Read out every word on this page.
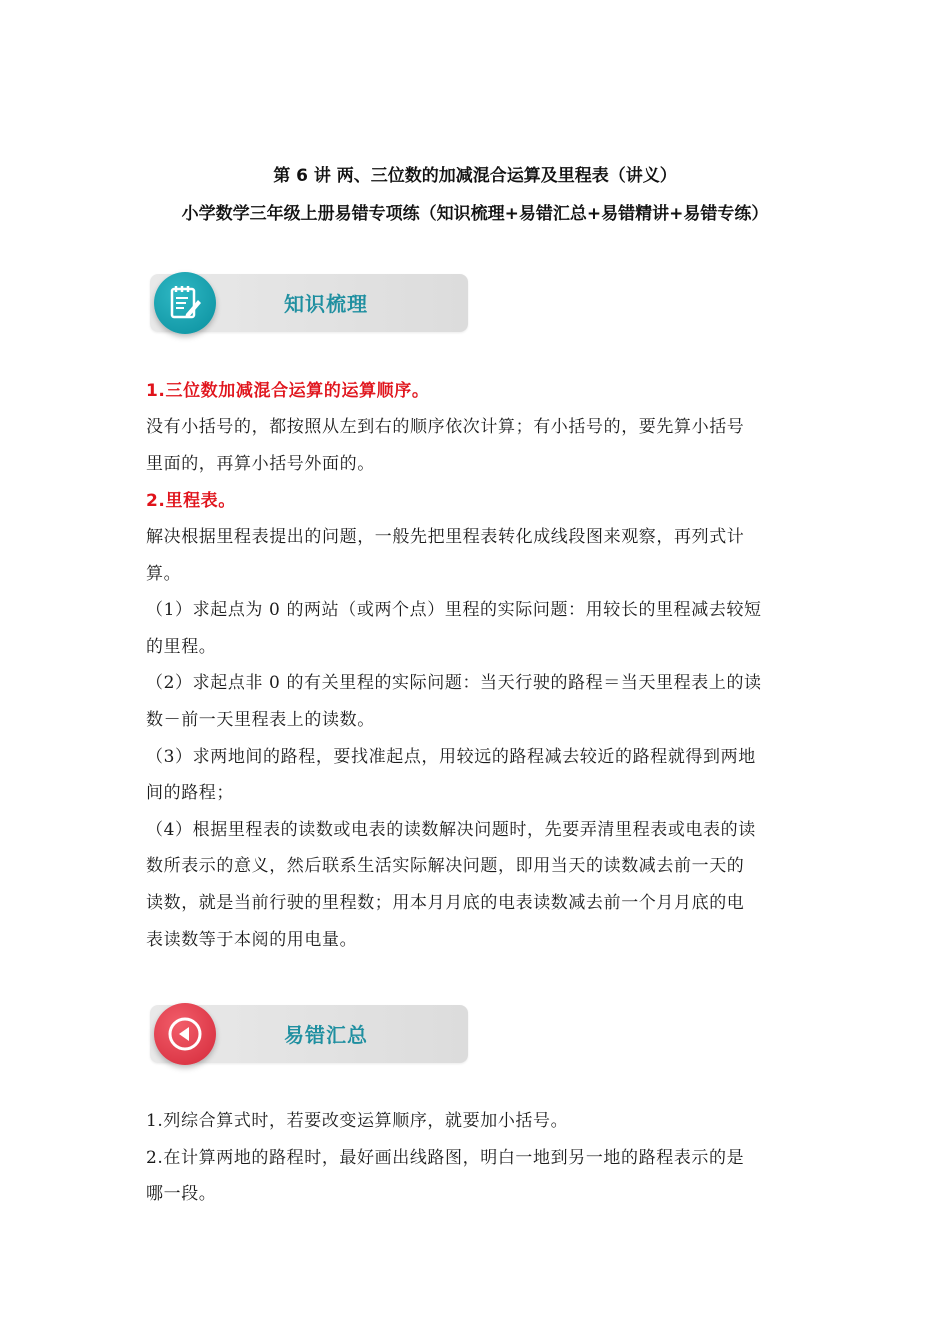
第 6 讲 两、三位数的加减混合运算及里程表（讲义）
小学数学三年级上册易错专项练（知识梳理+易错汇总+易错精讲+易错专练）
知识梳理
1.三位数加减混合运算的运算顺序。
没有小括号的，都按照从左到右的顺序依次计算；有小括号的，要先算小括号
里面的，再算小括号外面的。
2.里程表。
解决根据里程表提出的问题，一般先把里程表转化成线段图来观察，再列式计
算。
（1）求起点为 0 的两站（或两个点）里程的实际问题：用较长的里程减去较短
的里程。
（2）求起点非 0 的有关里程的实际问题：当天行驶的路程＝当天里程表上的读
数－前一天里程表上的读数。
（3）求两地间的路程，要找准起点，用较远的路程减去较近的路程就得到两地
间的路程；
（4）根据里程表的读数或电表的读数解决问题时，先要弄清里程表或电表的读
数所表示的意义，然后联系生活实际解决问题，即用当天的读数减去前一天的
读数，就是当前行驶的里程数；用本月月底的电表读数减去前一个月月底的电
表读数等于本阅的用电量。
易错汇总
1.列综合算式时，若要改变运算顺序，就要加小括号。
2.在计算两地的路程时，最好画出线路图，明白一地到另一地的路程表示的是
哪一段。
